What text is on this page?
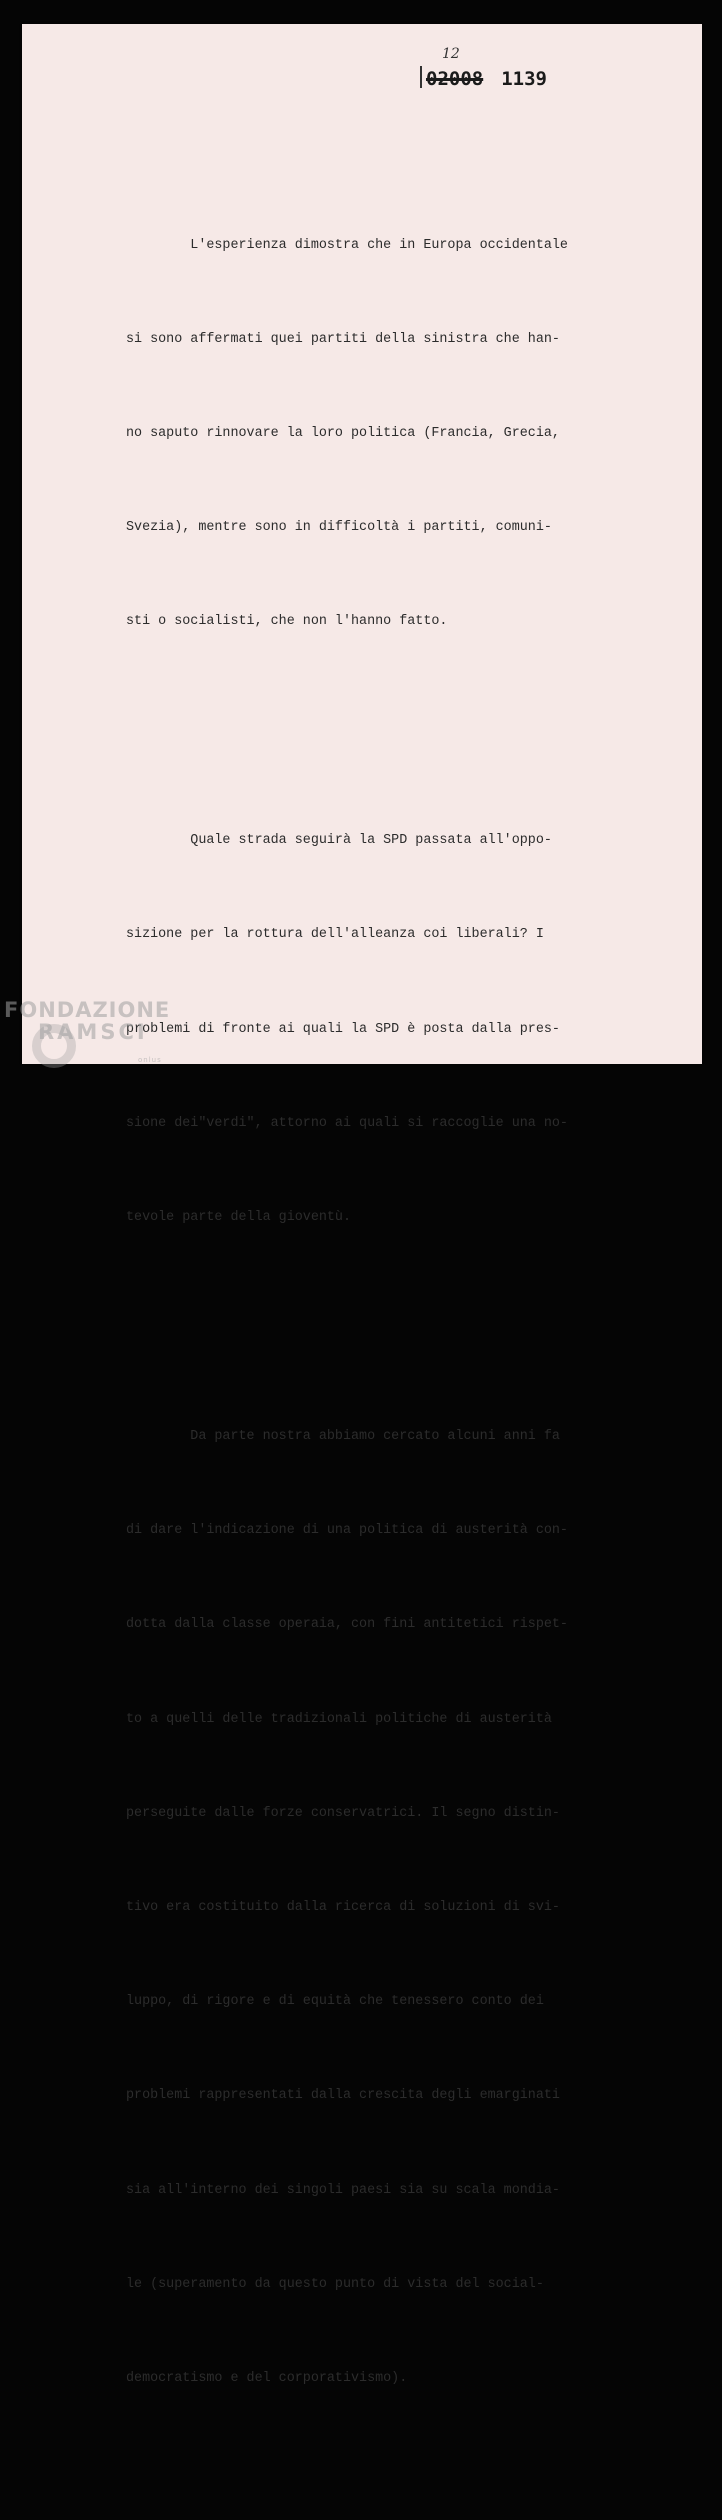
02008
12
1139

L'esperienza dimostra che in Europa occidentale

si sono affermati quei partiti della sinistra che han-

no saputo rinnovare la loro politica (Francia, Grecia,

Svezia), mentre sono in difficoltà i partiti, comuni-

sti o socialisti, che non l'hanno fatto.

Quale strada seguirà la SPD passata all'oppo-

sizione per la rottura dell'alleanza coi liberali? I

problemi di fronte ai quali la SPD è posta dalla pres-

sione dei"verdi", attorno ai quali si raccoglie una no-

tevole parte della gioventù.

Da parte nostra abbiamo cercato alcuni anni fa

di dare l'indicazione di una politica di austerità con-

dotta dalla classe operaia, con fini antitetici rispet-

to a quelli delle tradizionali politiche di austerità

perseguite dalle forze conservatrici. Il segno distin-

tivo era costituito dalla ricerca di soluzioni di svi-

luppo, di rigore e di equità che tenessero conto dei

problemi rappresentati dalla crescita degli emarginati

sia all'interno dei singoli paesi sia su scala mondia-

le (superamento da questo punto di vista del social-

democratismo e del corporativismo).

FONDAZIONE
RAMSCI
onlus
